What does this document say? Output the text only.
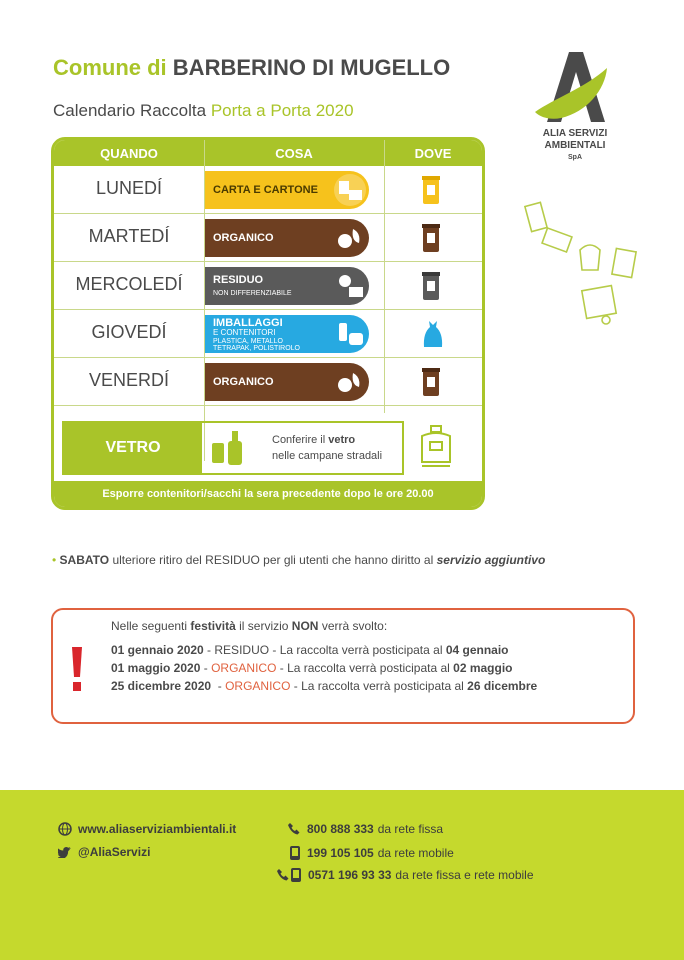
Comune di BARBERINO DI MUGELLO
Calendario Raccolta Porta a Porta 2020
ALIA SERVIZI
AMBIENTALI
SpA
QUANDO	COSA	DOVE
LUNEDÍ	CARTA E CARTONE
MARTEDÍ	ORGANICO
MERCOLEDÍ	RESIDUO
NON DIFFERENZIABILE
GIOVEDÍ	IMBALLAGGI
E CONTENITORI
PLASTICA, METALLO
TETRAPAK, POLISTIROLO
VENERDÍ	ORGANICO
VETRO	Conferire il vetro
nelle campane stradali
Esporre contenitori/sacchi la sera precedente dopo le ore 20.00
• SABATO ulteriore ritiro del RESIDUO per gli utenti che hanno diritto al servizio aggiuntivo
Nelle seguenti festività il servizio NON verrà svolto:
01 gennaio 2020 - RESIDUO - La raccolta verrà posticipata al 04 gennaio
01 maggio 2020 - ORGANICO - La raccolta verrà posticipata al 02 maggio
25 dicembre 2020  - ORGANICO - La raccolta verrà posticipata al 26 dicembre
www.aliaserviziambientali.it
@AliaServizi
800 888 333 da rete fissa
199 105 105 da rete mobile
0571 196 93 33 da rete fissa e rete mobile
